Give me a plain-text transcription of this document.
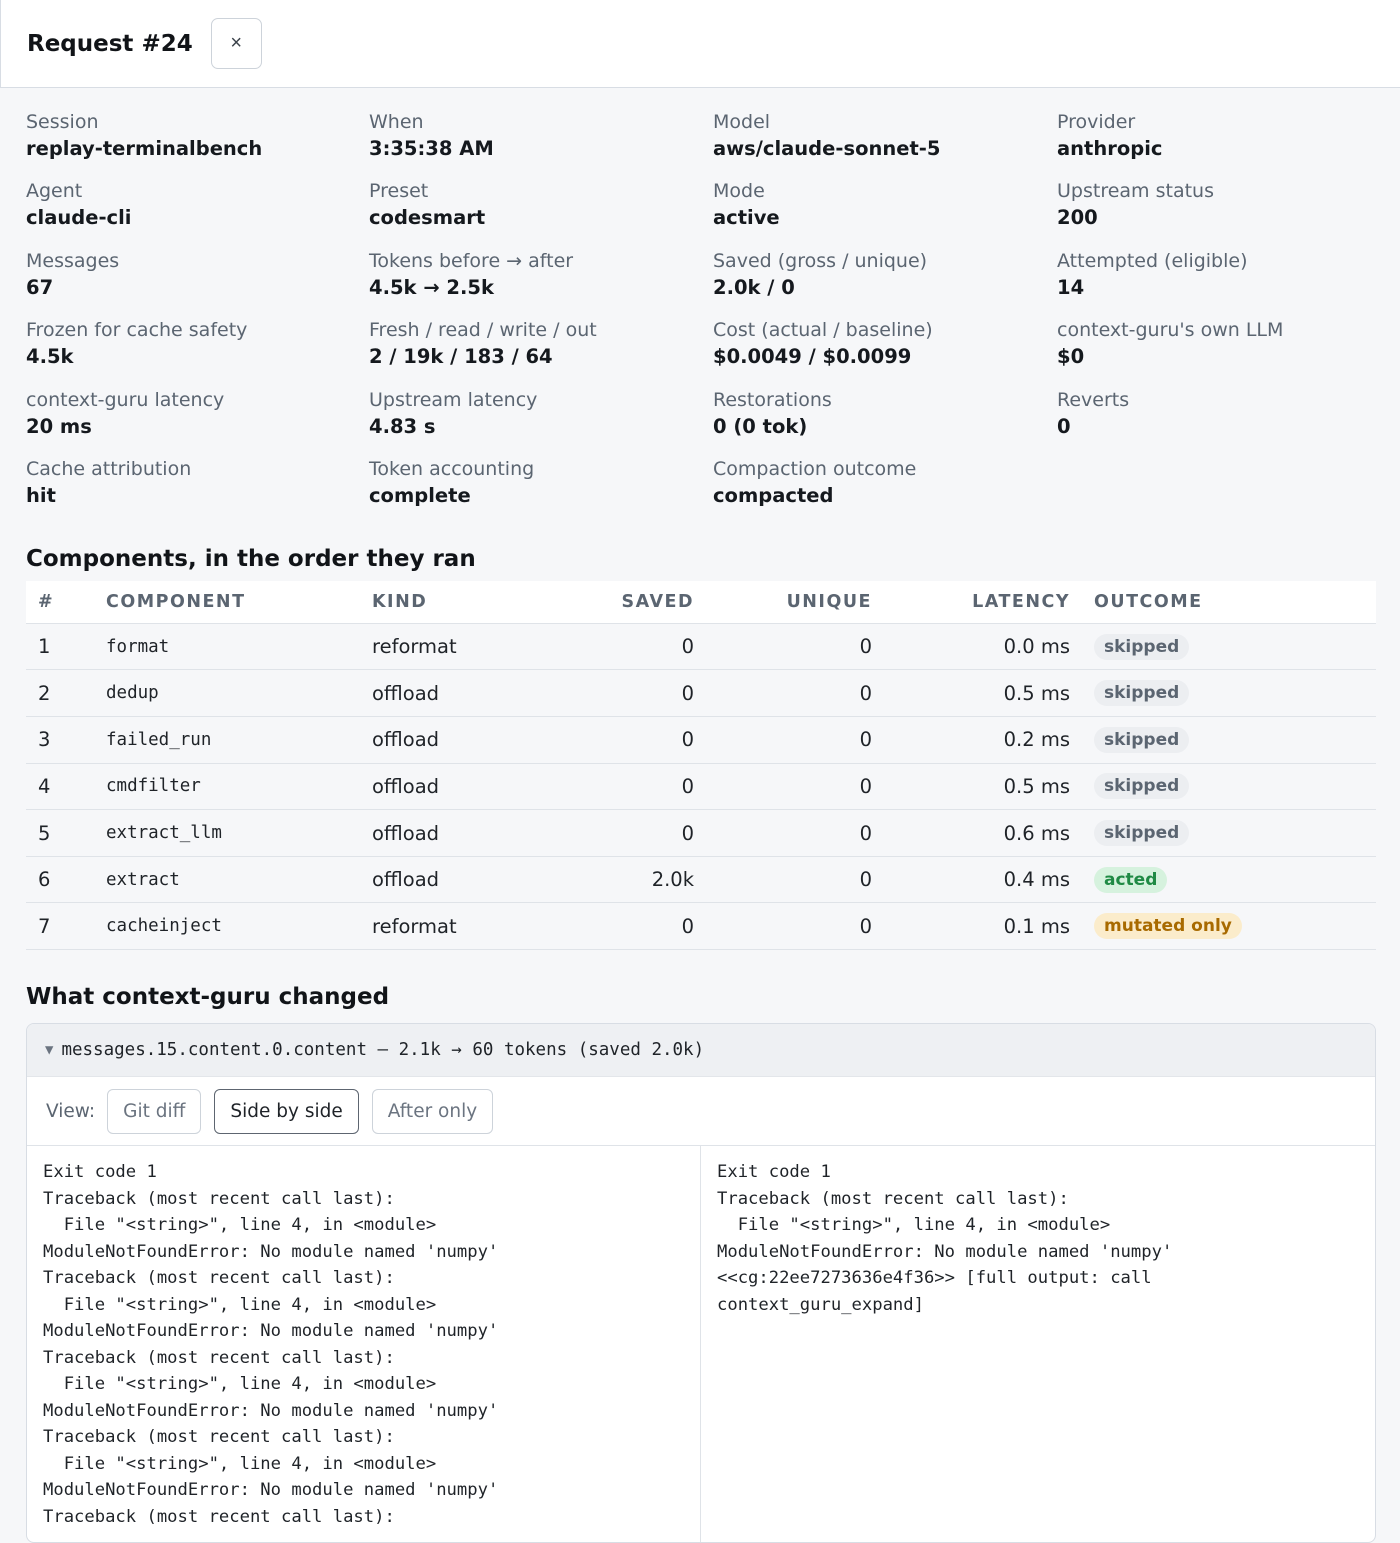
Request #24 ×
Session
replay-terminalbench
When
3:35:38 AM
Model
aws/claude-sonnet-5
Provider
anthropic
Agent
claude-cli
Preset
codesmart
Mode
active
Upstream status
200
Messages
67
Tokens before → after
4.5k → 2.5k
Saved (gross / unique)
2.0k / 0
Attempted (eligible)
14
Frozen for cache safety
4.5k
Fresh / read / write / out
2 / 19k / 183 / 64
Cost (actual / baseline)
$0.0049 / $0.0099
context-guru's own LLM
$0
context-guru latency
20 ms
Upstream latency
4.83 s
Restorations
0 (0 tok)
Reverts
0
Cache attribution
hit
Token accounting
complete
Compaction outcome
compacted
Components, in the order they ran
#	COMPONENT	KIND	SAVED	UNIQUE	LATENCY	OUTCOME
1	format	reformat	0	0	0.0 ms	skipped
2	dedup	offload	0	0	0.5 ms	skipped
3	failed_run	offload	0	0	0.2 ms	skipped
4	cmdfilter	offload	0	0	0.5 ms	skipped
5	extract_llm	offload	0	0	0.6 ms	skipped
6	extract	offload	2.0k	0	0.4 ms	acted
7	cacheinject	reformat	0	0	0.1 ms	mutated only
What context-guru changed
▼ messages.15.content.0.content — 2.1k → 60 tokens (saved 2.0k)
View:	Git diff	Side by side	After only
Exit code 1
Traceback (most recent call last):
File "<string>", line 4, in <module>
ModuleNotFoundError: No module named 'numpy'
Traceback (most recent call last):
File "<string>", line 4, in <module>
ModuleNotFoundError: No module named 'numpy'
Traceback (most recent call last):
File "<string>", line 4, in <module>
ModuleNotFoundError: No module named 'numpy'
Traceback (most recent call last):
File "<string>", line 4, in <module>
ModuleNotFoundError: No module named 'numpy'
Traceback (most recent call last):
Exit code 1
Traceback (most recent call last):
File "<string>", line 4, in <module>
ModuleNotFoundError: No module named 'numpy'
<<cg:22ee7273636e4f36>> [full output: call
context_guru_expand]
